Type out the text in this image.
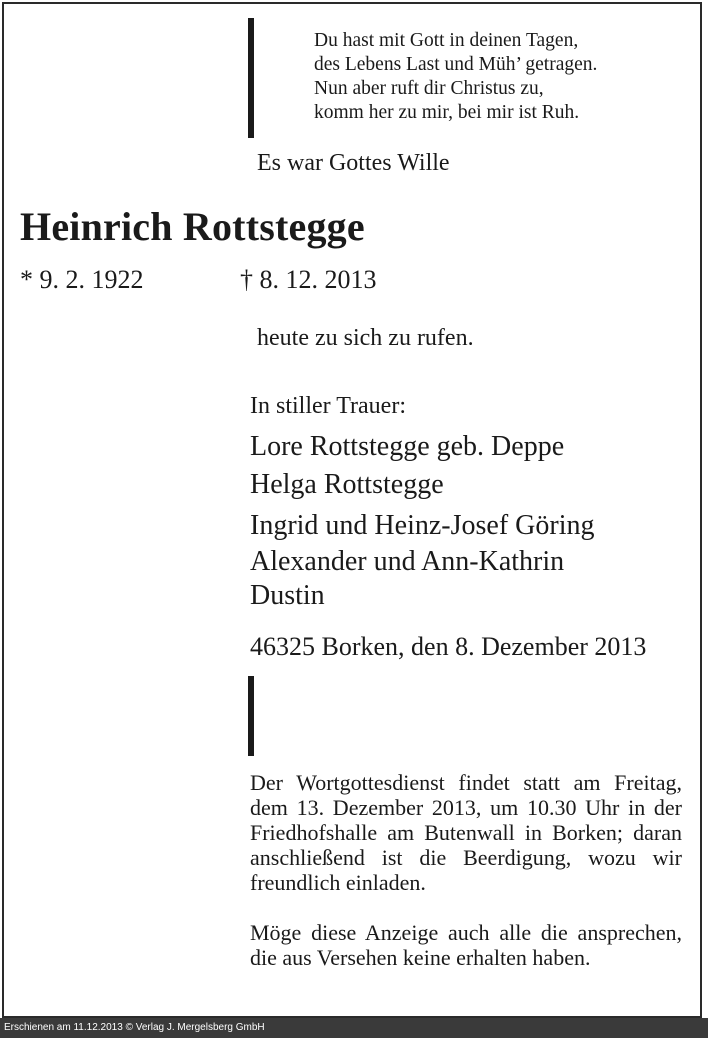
Du hast mit Gott in deinen Tagen,
des Lebens Last und Müh’ getragen.
Nun aber ruft dir Christus zu,
komm her zu mir, bei mir ist Ruh.
Es war Gottes Wille
Heinrich Rottstegge
* 9. 2. 1922	† 8. 12. 2013
heute zu sich zu rufen.
In stiller Trauer:
Lore Rottstegge geb. Deppe
Helga Rottstegge
Ingrid und Heinz-Josef Göring
Alexander und Ann-Kathrin
Dustin
46325 Borken, den 8. Dezember 2013
Der Wortgottesdienst findet statt am Freitag, dem 13. Dezember 2013, um 10.30 Uhr in der Friedhofshalle am Butenwall in Borken; daran anschließend ist die Beerdigung, wozu wir freundlich einladen.
Möge diese Anzeige auch alle die ansprechen, die aus Versehen keine erhalten haben.
Erschienen am 11.12.2013 © Verlag J. Mergelsberg GmbH
